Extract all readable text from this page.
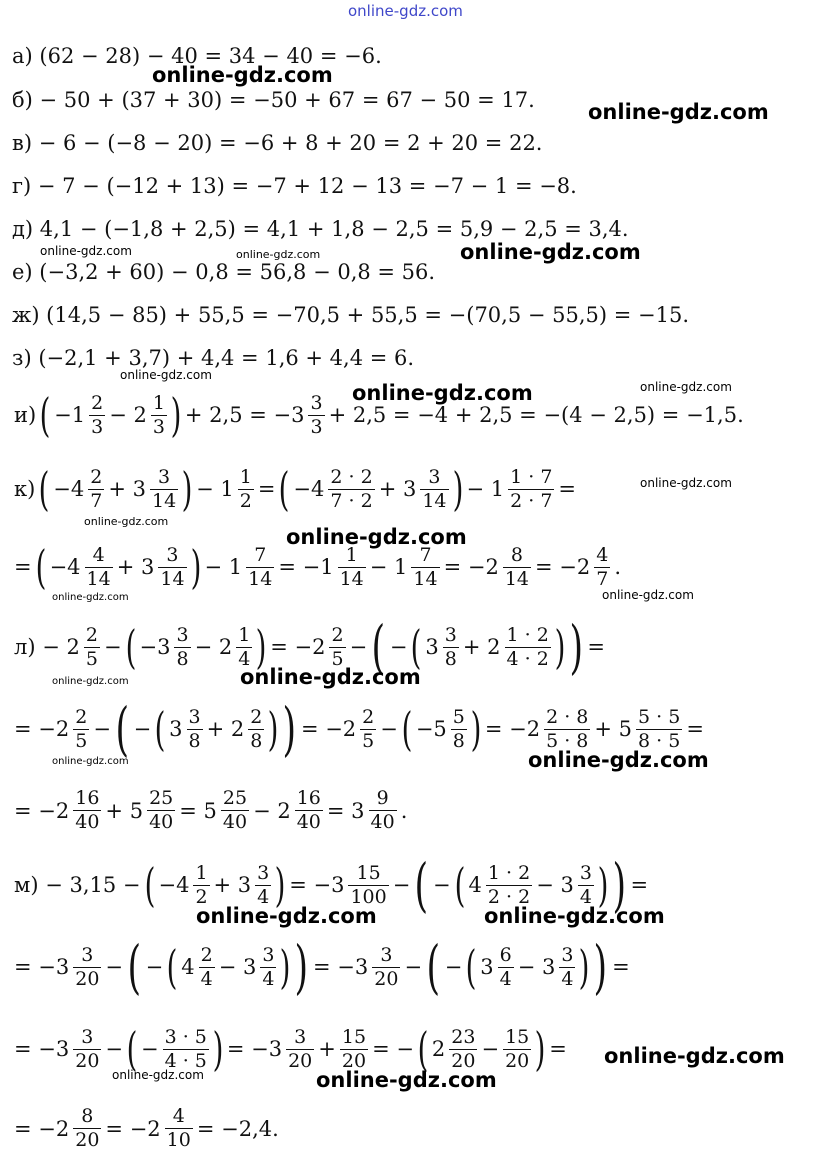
online-gdz.com
а) (62 − 28) − 40 = 34 − 40 = −6.
б) − 50 + (37 + 30) = −50 + 67 = 67 − 50 = 17.
в) − 6 − (−8 − 20) = −6 + 8 + 20 = 2 + 20 = 22.
г) − 7 − (−12 + 13) = −7 + 12 − 13 = −7 − 1 = −8.
д) 4,1 − (−1,8 + 2,5) = 4,1 + 1,8 − 2,5 = 5,9 − 2,5 = 3,4.
е) (−3,2 + 60) − 0,8 = 56,8 − 0,8 = 56.
ж) (14,5 − 85) + 55,5 = −70,5 + 55,5 = −(70,5 − 55,5) = −15.
з) (−2,1 + 3,7) + 4,4 = 1,6 + 4,4 = 6.
и) ( $-1 \frac{2}{3} - 2 \frac{1}{3}$ ) + $2,5 = -3 \frac{3}{3} + 2,5 = -4 + 2,5 = -(4 - 2,5) = -1,5$.
к) ( $-4 \frac{2}{7} + 3 \frac{3}{14}$ ) − $1 \frac{1}{2}$ = ( $-4 \frac{2 \cdot 2}{7 \cdot 2} + 3 \frac{3}{14}$ ) − $1 \frac{1 \cdot 7}{2 \cdot 7}$ =
= ( $-4 \frac{4}{14} + 3 \frac{3}{14}$ ) − $1 \frac{7}{14} = -1 \frac{1}{14} - 1 \frac{7}{14} = -2 \frac{8}{14} = -2 \frac{4}{7}$ .
$л) - 2 \frac{2}{5}$ − ( $-3 \frac{3}{8} - 2 \frac{1}{4}$ ) = $-2 \frac{2}{5}$ − ( − ( $3 \frac{3}{8} + 2 \frac{1 \cdot 2}{4 \cdot 2}$ ) ) =
= $-2 \frac{2}{5}$ − ( − ( $3 \frac{3}{8} + 2 \frac{2}{8}$ ) ) = $-2 \frac{2}{5}$ − ( $-5 \frac{5}{8}$ ) = $-2 \frac{2 \cdot 8}{5 \cdot 8} + 5 \frac{5 \cdot 5}{8 \cdot 5}$ =
= $-2 \frac{16}{40} + 5 \frac{25}{40} = 5 \frac{25}{40} - 2 \frac{16}{40} = 3 \frac{9}{40}$ .
м) − 3,15 − ( $-4 \frac{1}{2} + 3 \frac{3}{4}$ ) = $-3 \frac{15}{100}$ − ( − ( $4 \frac{1 \cdot 2}{2 \cdot 2} - 3 \frac{3}{4}$ ) ) =
= $-3 \frac{3}{20}$ − ( − ( $4 \frac{2}{4} - 3 \frac{3}{4}$ ) ) = $-3 \frac{3}{20}$ − ( − ( $3 \frac{6}{4} - 3 \frac{3}{4}$ ) ) =
= $-3 \frac{3}{20}$ − ( − $\frac{3 \cdot 5}{4 \cdot 5}$ ) = $-3 \frac{3}{20} + \frac{15}{20}$ = − ( $2 \frac{23}{20} - \frac{15}{20}$ ) =
= $-2 \frac{8}{20} = -2 \frac{4}{10} = -2,4$.
online-gdz.com
online-gdz.com
online-gdz.com	online-gdz.com	online-gdz.com
online-gdz.com
online-gdz.com	online-gdz.com
online-gdz.com
online-gdz.com
online-gdz.com
online-gdz.com	online-gdz.com
online-gdz.com	online-gdz.com
online-gdz.com	online-gdz.com
online-gdz.com	online-gdz.com
online-gdz.com
online-gdz.com	online-gdz.com
